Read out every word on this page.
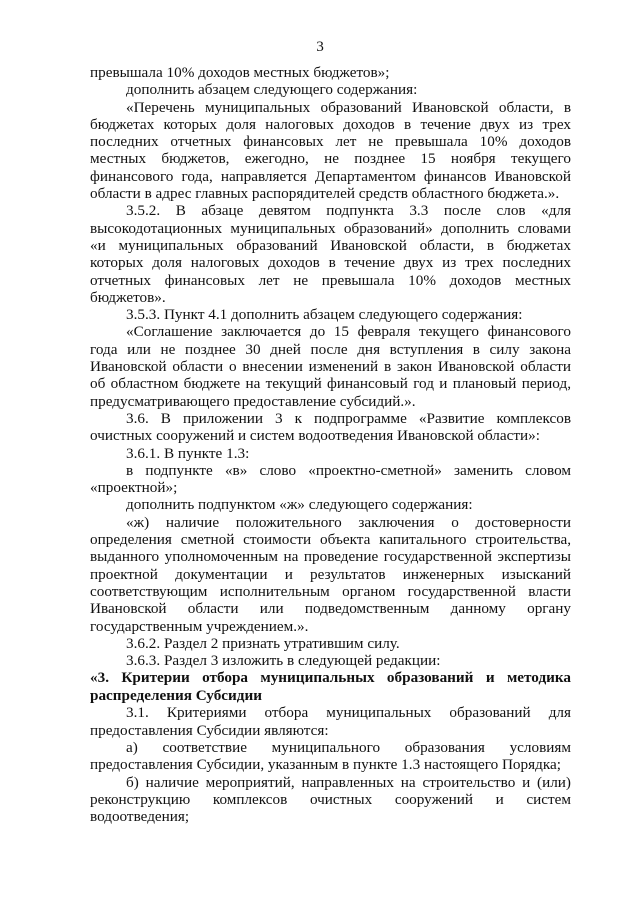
3

превышала 10% доходов местных бюджетов»;

дополнить абзацем следующего содержания:

«Перечень муниципальных образований Ивановской области, в бюджетах которых доля налоговых доходов в течение двух из трех последних отчетных финансовых лет не превышала 10% доходов местных бюджетов, ежегодно, не позднее 15 ноября текущего финансового года, направляется Департаментом финансов Ивановской области в адрес главных распорядителей средств областного бюджета.».

3.5.2. В абзаце девятом подпункта 3.3 после слов «для высокодотационных муниципальных образований» дополнить словами «и муниципальных образований Ивановской области, в бюджетах которых доля налоговых доходов в течение двух из трех последних отчетных финансовых лет не превышала 10% доходов местных бюджетов».

3.5.3. Пункт 4.1 дополнить абзацем следующего содержания:

«Соглашение заключается до 15 февраля текущего финансового года или не позднее 30 дней после дня вступления в силу закона Ивановской области о внесении изменений в закон Ивановской области об областном бюджете на текущий финансовый год и плановый период, предусматривающего предоставление субсидий.».

3.6. В приложении 3 к подпрограмме «Развитие комплексов очистных сооружений и систем водоотведения Ивановской области»:

3.6.1. В пункте 1.3:

в подпункте «в» слово «проектно-сметной» заменить словом «проектной»;

дополнить подпунктом «ж» следующего содержания:

«ж) наличие положительного заключения о достоверности определения сметной стоимости объекта капитального строительства, выданного уполномоченным на проведение государственной экспертизы проектной документации и результатов инженерных изысканий соответствующим исполнительным органом государственной власти Ивановской области или подведомственным данному органу государственным учреждением.».

3.6.2. Раздел 2 признать утратившим силу.

3.6.3. Раздел 3 изложить в следующей редакции:

«3. Критерии отбора муниципальных образований и методика распределения Субсидии

3.1. Критериями отбора муниципальных образований для предоставления Субсидии являются:

а) соответствие муниципального образования условиям предоставления Субсидии, указанным в пункте 1.3 настоящего Порядка;

б) наличие мероприятий, направленных на строительство и (или) реконструкцию комплексов очистных сооружений и систем водоотведения;
